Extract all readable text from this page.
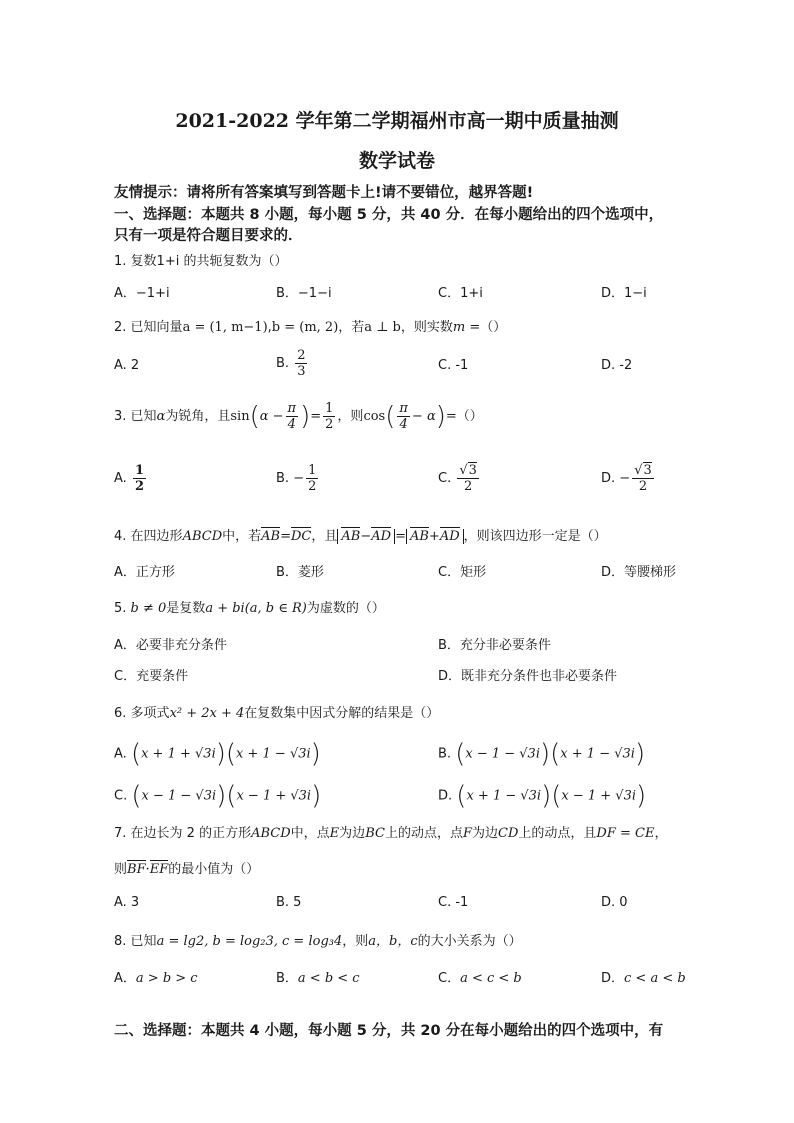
2021-2022 学年第二学期福州市高一期中质量抽测
数学试卷
友情提示：请将所有答案填写到答题卡上!请不要错位，越界答题!
一、选择题：本题共 8 小题，每小题 5 分，共 40 分．在每小题给出的四个选项中，
只有一项是符合题目要求的．
1. 复数1+i 的共轭复数为（）
A．−1+i	B．−1−i	C．1+i	D．1−i
2. 已知向量a = (1, m−1),b = (m, 2)，若a ⊥ b，则实数m =（）
A. 2	B. $\frac{2}{3}$	C. -1	D. -2
3. 已知α为锐角，且$\sin(\alpha - \frac{\pi}{4}$ )= $\frac{1}{2}$ ，则$\cos( \frac{\pi}{4} - \alpha)=()$
A. $\frac{1}{2}$	B. − $\frac{1}{2}$	C. $\frac{√3}{2}$	D. − $\frac{√3}{2}$
4. 在四边形ABCD中，若AB=DC，且 AB−AD = AB+AD ，则该四边形一定是（）
A．正方形	B．菱形	C．矩形	D．等腰梯形
5. b ≠ 0是复数a + bi(a, b ∈ R)为虚数的（）
A．必要非充分条件	B．充分非必要条件
C．充要条件	D．既非充分条件也非必要条件
6. 多项式x² + 2x + 4在复数集中因式分解的结果是（）
A. (x + 1 + √3i)(x + 1 − √3i)	B. (x − 1 − √3i)(x + 1 − √3i)
C. (x − 1 − √3i)(x − 1 + √3i)	D. (x + 1 − √3i)(x − 1 + √3i)
7. 在边长为 2 的正方形ABCD中，点E为边BC上的动点，点F为边CD上的动点，且DF = CE，
则BF·EF的最小值为（）
A. 3	B. 5	C. -1	D. 0
8. 已知a = lg2, b = log₂3, c = log₃4，则a，b，c的大小关系为（）
A．a > b > c	B．a < b < c	C．a < c < b	D．c < a < b
二、选择题：本题共 4 小题，每小题 5 分，共 20 分在每小题给出的四个选项中，有
